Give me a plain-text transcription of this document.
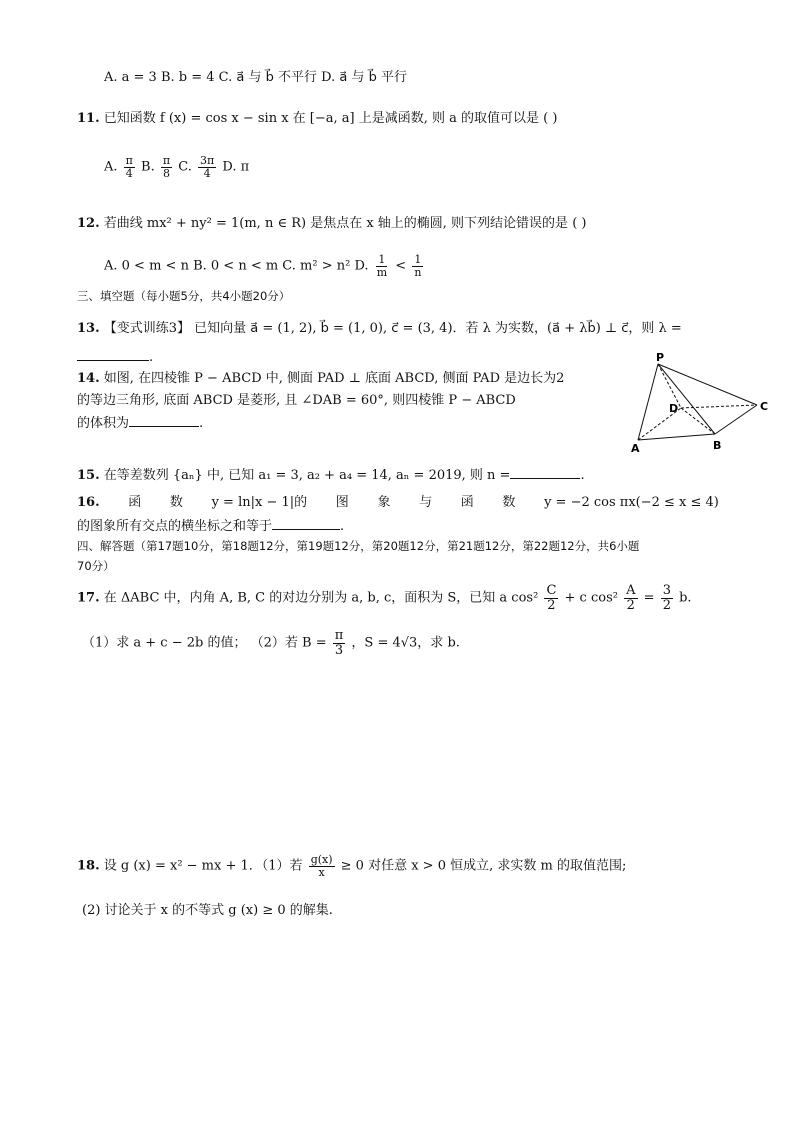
A. a = 3 B. b = 4 C. a⃗ 与 b⃗ 不平行 D. a⃗ 与 b⃗ 平行
11. 已知函数 f (x) = cos x − sin x 在 [−a, a] 上是减函数, 则 a 的取值可以是 ( )
A. $\frac{\pi}{4} B$. $\frac{\pi}{8} C$. $\frac{3\pi}{4} D$. π
12. 若曲线 mx² + ny² = 1(m, n ∈ R) 是焦点在 x 轴上的椭圆, 则下列结论错误的是 ( )
A. 0 < m < n B. 0 < n < m C. m² > n² D. $\frac{1}{m} < \frac{1}{n}$
三、填空题（每小题5分，共4小题20分）
13. 【变式训练3】 已知向量 a⃗ = (1, 2), b⃗ = (1, 0), c⃗ = (3, 4)．若 λ 为实数，(a⃗ + λb⃗) ⊥ c⃗，则 λ =
.
14. 如图, 在四棱锥 P − ABCD 中, 侧面 PAD ⊥ 底面 ABCD, 侧面 PAD 是边长为2
的等边三角形, 底面 ABCD 是菱形, 且 ∠DAB = 60°, 则四棱锥 P − ABCD
的体积为	.
P
A	B
C
D
15. 在等差数列 {aₙ} 中, 已知 a₁ = 3, a₂ + a₄ = 14, aₙ = 2019, 则 n =	.
16. 函 数 y = ln|x − 1|的 图 象 与 函 数 y = −2 cos πx(−2 ≤ x ≤ 4)
的图象所有交点的横坐标之和等于	.
四、解答题（第17题10分，第18题12分，第19题12分，第20题12分，第21题12分，第22题12分，共6小题
70分）
17. 在 ΔABC 中，内角 A, B, C 的对边分别为 a, b, c，面积为 S，已知 a $\cos^2 \frac{C}{2} + c$ $\cos^2 \frac{A}{2} = \frac{3}{2} b$.
（1）求 a + c − 2b 的值； （2）若 $B = \frac{\pi}{3}$ ，S = 4√3，求 b.
18. 设 g (x) = x² − mx + 1．（1）若 $\frac{g(x)}{x} \ge 0$ 对任意 x > 0 恒成立, 求实数 m 的取值范围;
(2) 讨论关于 x 的不等式 g (x) ≥ 0 的解集.
